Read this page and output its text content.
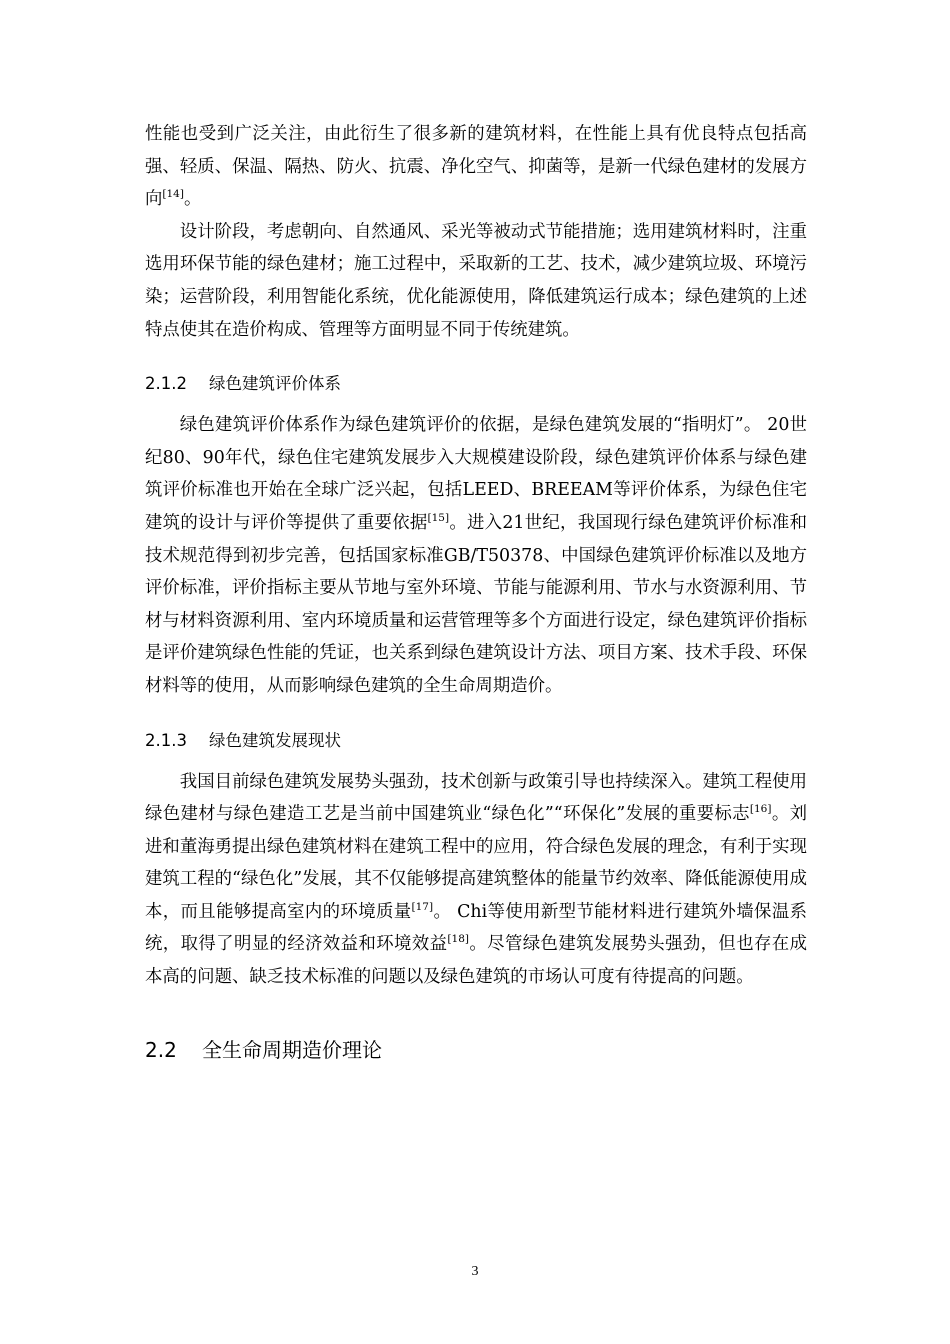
性能也受到广泛关注，由此衍生了很多新的建筑材料，在性能上具有优良特点包括高强、轻质、保温、隔热、防火、抗震、净化空气、抑菌等，是新一代绿色建材的发展方向[14]。

设计阶段，考虑朝向、自然通风、采光等被动式节能措施；选用建筑材料时，注重选用环保节能的绿色建材；施工过程中，采取新的工艺、技术，减少建筑垃圾、环境污染；运营阶段，利用智能化系统，优化能源使用，降低建筑运行成本；绿色建筑的上述特点使其在造价构成、管理等方面明显不同于传统建筑。

2.1.2 绿色建筑评价体系

绿色建筑评价体系作为绿色建筑评价的依据，是绿色建筑发展的“指明灯”。 20世纪80、90年代，绿色住宅建筑发展步入大规模建设阶段，绿色建筑评价体系与绿色建筑评价标准也开始在全球广泛兴起，包括LEED、BREEAM等评价体系，为绿色住宅建筑的设计与评价等提供了重要依据[15]。进入21世纪，我国现行绿色建筑评价标准和技术规范得到初步完善，包括国家标准GB/T50378、中国绿色建筑评价标准以及地方评价标准，评价指标主要从节地与室外环境、节能与能源利用、节水与水资源利用、节材与材料资源利用、室内环境质量和运营管理等多个方面进行设定，绿色建筑评价指标是评价建筑绿色性能的凭证，也关系到绿色建筑设计方法、项目方案、技术手段、环保材料等的使用，从而影响绿色建筑的全生命周期造价。

2.1.3 绿色建筑发展现状

我国目前绿色建筑发展势头强劲，技术创新与政策引导也持续深入。建筑工程使用绿色建材与绿色建造工艺是当前中国建筑业“绿色化”“环保化”发展的重要标志[16]。刘进和董海勇提出绿色建筑材料在建筑工程中的应用，符合绿色发展的理念，有利于实现建筑工程的“绿色化”发展，其不仅能够提高建筑整体的能量节约效率、降低能源使用成本，而且能够提高室内的环境质量[17]。 Chi等使用新型节能材料进行建筑外墙保温系统，取得了明显的经济效益和环境效益[18]。尽管绿色建筑发展势头强劲，但也存在成本高的问题、缺乏技术标准的问题以及绿色建筑的市场认可度有待提高的问题。

2.2 全生命周期造价理论
3
